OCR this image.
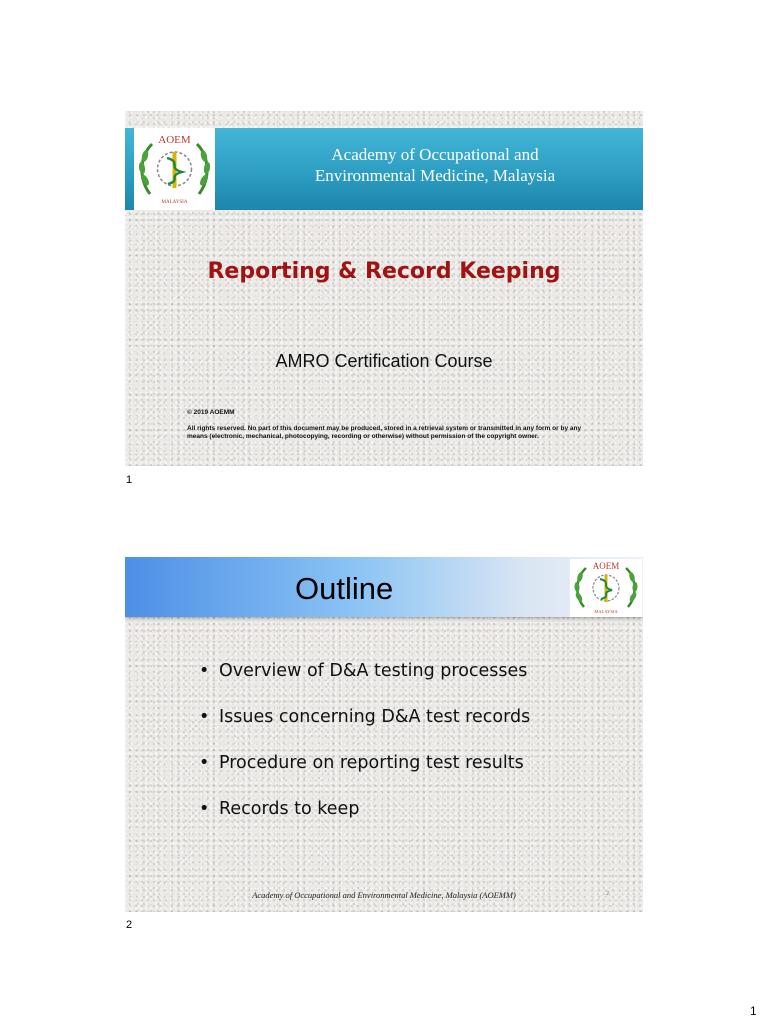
AOEM
MALAYSIA
Academy of Occupational and
Environmental Medicine, Malaysia
Reporting & Record Keeping
AMRO Certification Course
© 2019 AOEMM
All rights reserved. No part of this document may be produced, stored in a retrieval system or transmitted in any form or by any means (electronic, mechanical, photocopying, recording or otherwise) without permission of the copyright owner.
1
Outline
AOEM
MALAYSIA
• Overview of D&A testing processes
• Issues concerning D&A test records
• Procedure on reporting test results
• Records to keep
Academy of Occupational and Environmental Medicine, Malaysia (AOEMM)	2
2
1
